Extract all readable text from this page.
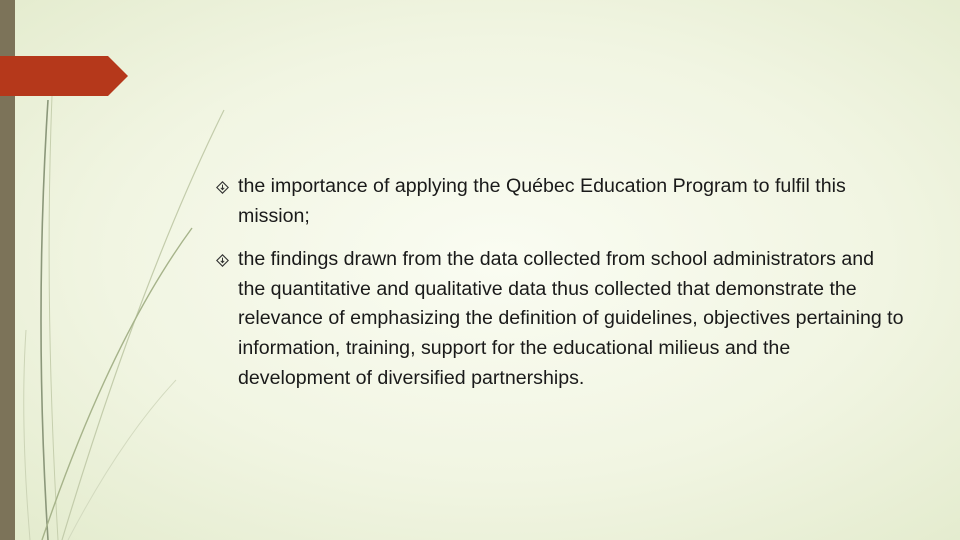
the importance of applying the Québec Education Program to fulfil this mission;
the findings drawn from the data collected from school administrators and the quantitative and qualitative data thus collected that demonstrate the relevance of emphasizing the definition of guidelines, objectives pertaining to information, training, support for the educational milieus and the development of diversified partnerships.
